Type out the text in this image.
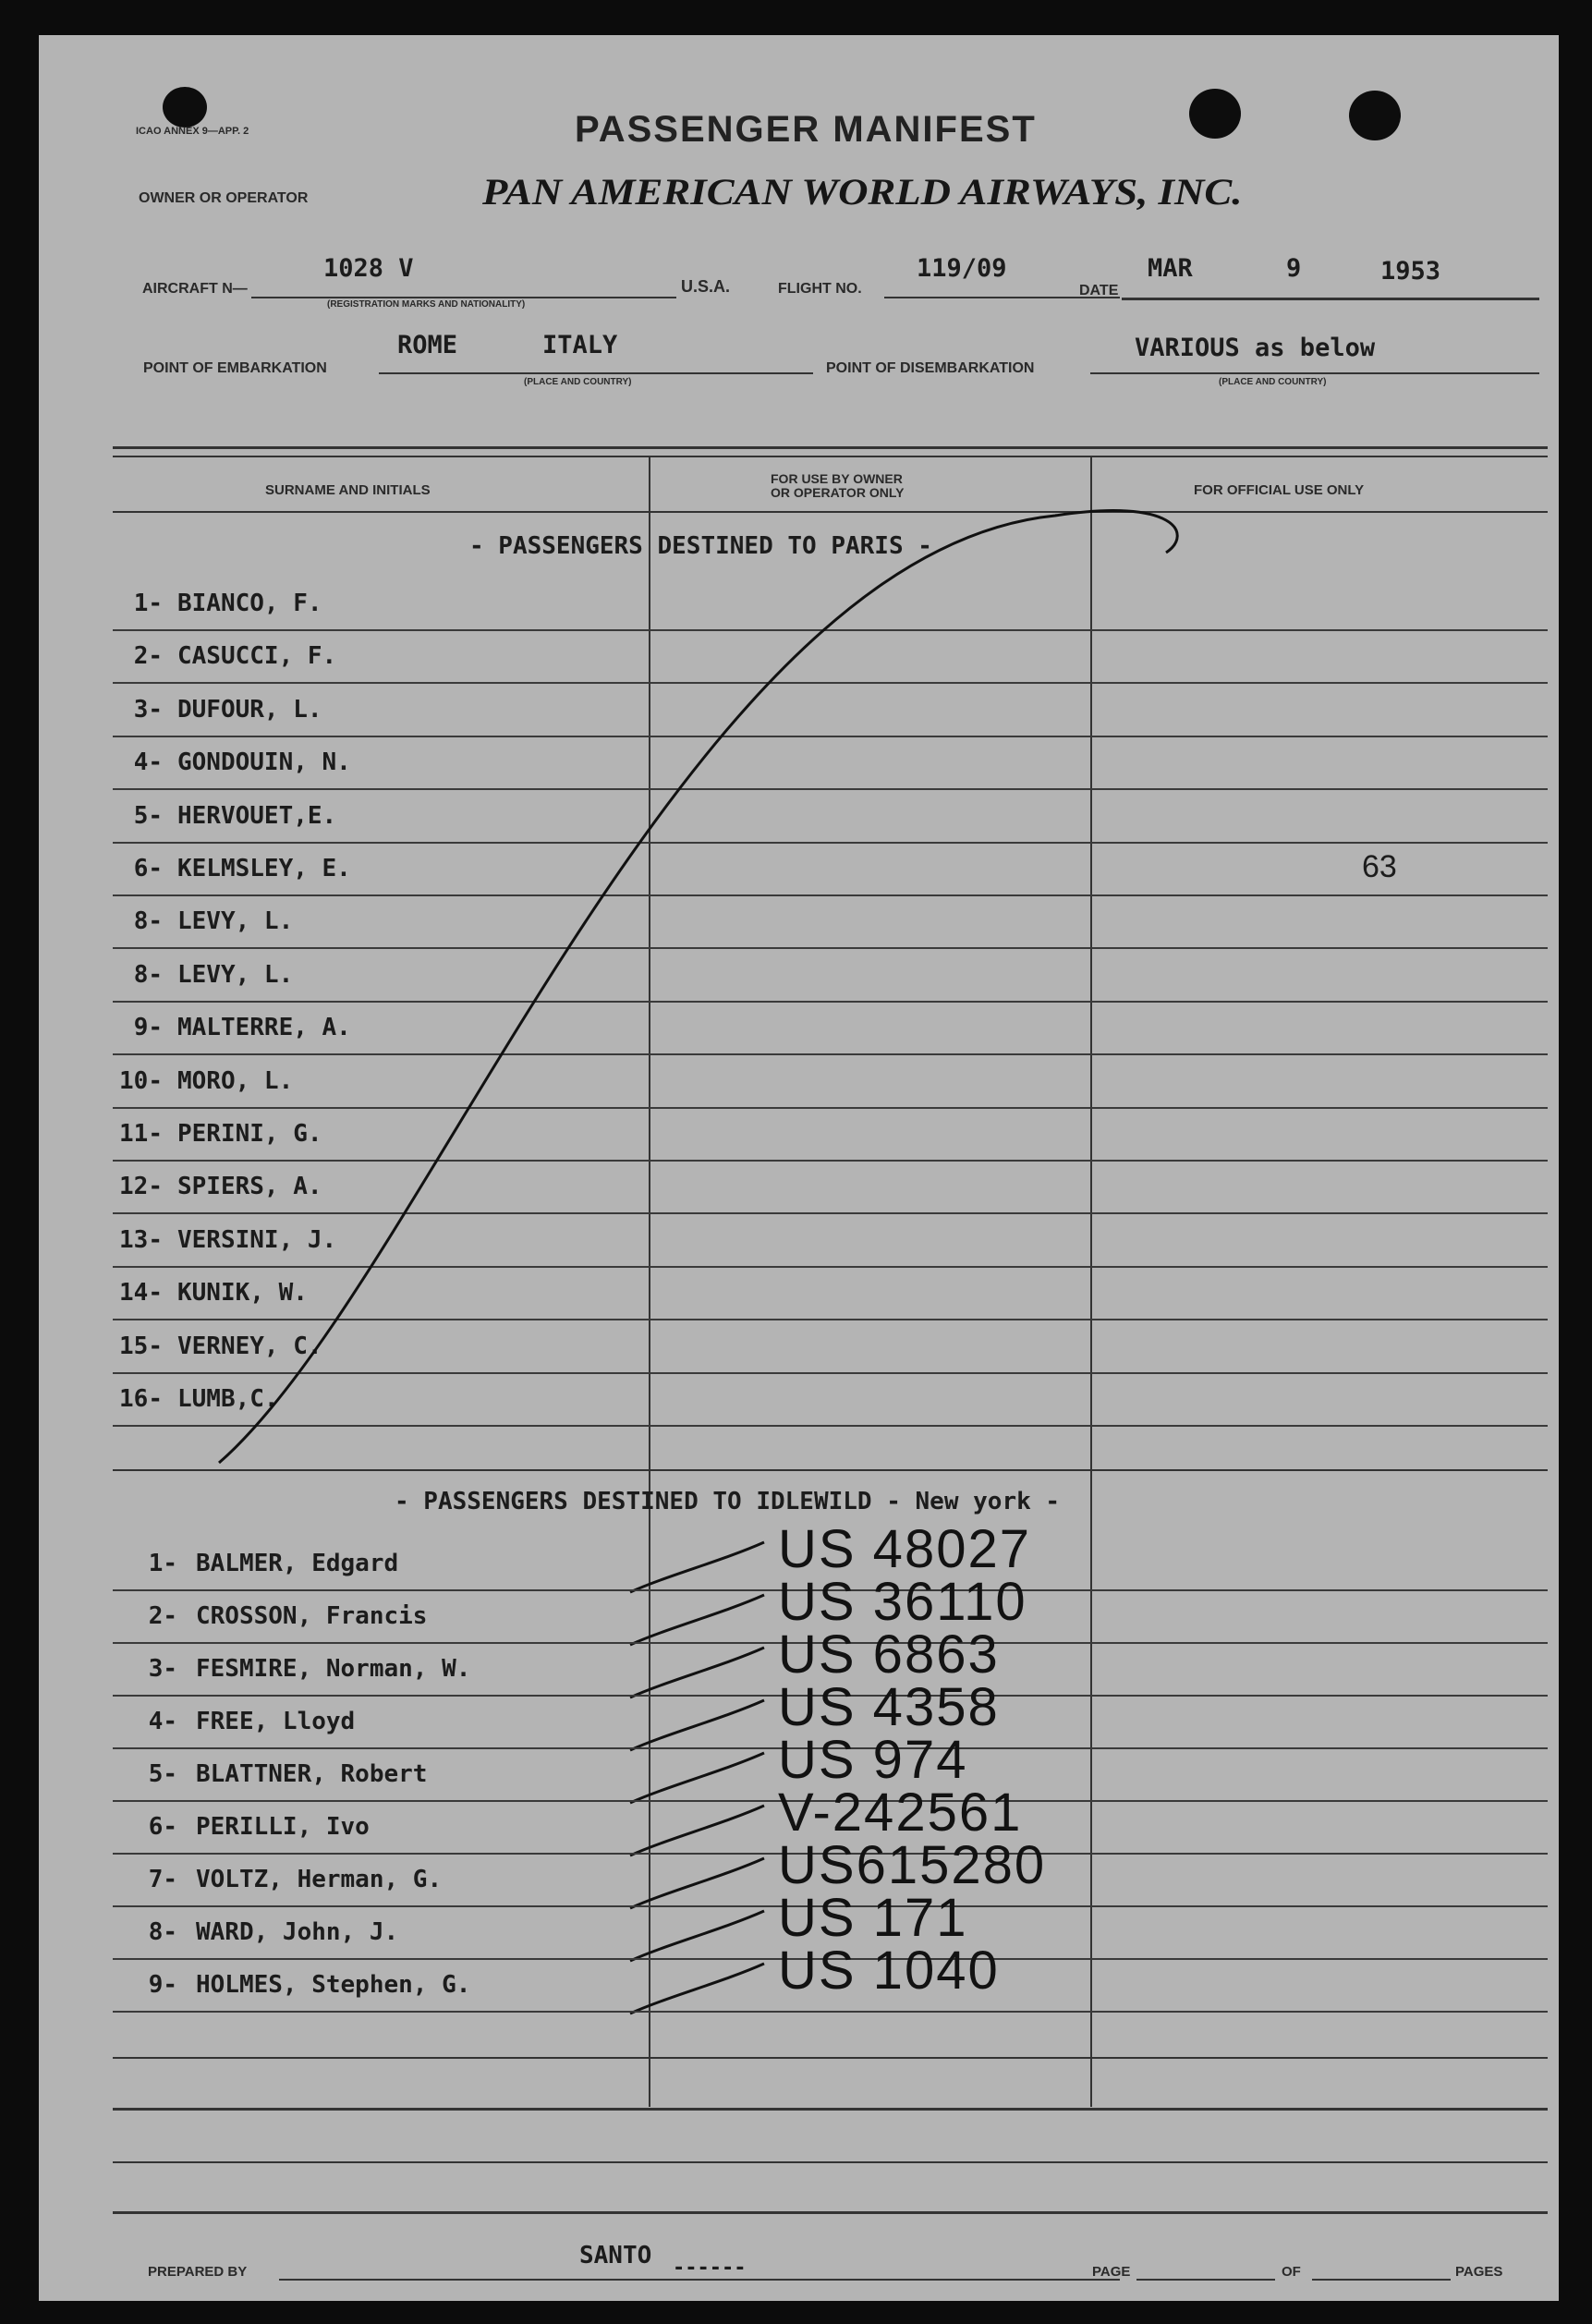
ICAO ANNEX 9—APP. 2	PASSENGER MANIFEST
OWNER OR OPERATOR	PAN AMERICAN WORLD AIRWAYS, INC.
AIRCRAFT N—
1028 V
(REGISTRATION MARKS AND NATIONALITY)
U.S.A.	FLIGHT NO.
119/09
DATE
MAR	9	1953
POINT OF EMBARKATION
ROME	ITALY
(PLACE AND COUNTRY)
POINT OF DISEMBARKATION
VARIOUS as below
(PLACE AND COUNTRY)
SURNAME AND INITIALS
FOR USE BY OWNER
OR OPERATOR ONLY	FOR OFFICIAL USE ONLY
- PASSENGERS DESTINED TO PARIS -
- PASSENGERS DESTINED TO IDLEWILD - New york -
1- BIANCO, F.
2- CASUCCI, F.
3- DUFOUR, L.
4- GONDOUIN, N.
5- HERVOUET,E.
6- KELMSLEY, E.	63
8- LEVY, L.
8- LEVY, L.
9- MALTERRE, A.
10- MORO, L.
11- PERINI, G.
12- SPIERS, A.
13- VERSINI, J.
14- KUNIK, W.
15- VERNEY, C.
16- LUMB,C.
1- BALMER, Edgard	US 48027
2- CROSSON, Francis	US 36110
3- FESMIRE, Norman, W.	US 6863
4- FREE, Lloyd	US 4358
5- BLATTNER, Robert	US 974
6- PERILLI, Ivo	V-242561
7- VOLTZ, Herman, G.	US615280
8- WARD, John, J.	US 171
9- HOLMES, Stephen, G.	US 1040
PREPARED BY
SANTO ------	PAGE	OF	PAGES
